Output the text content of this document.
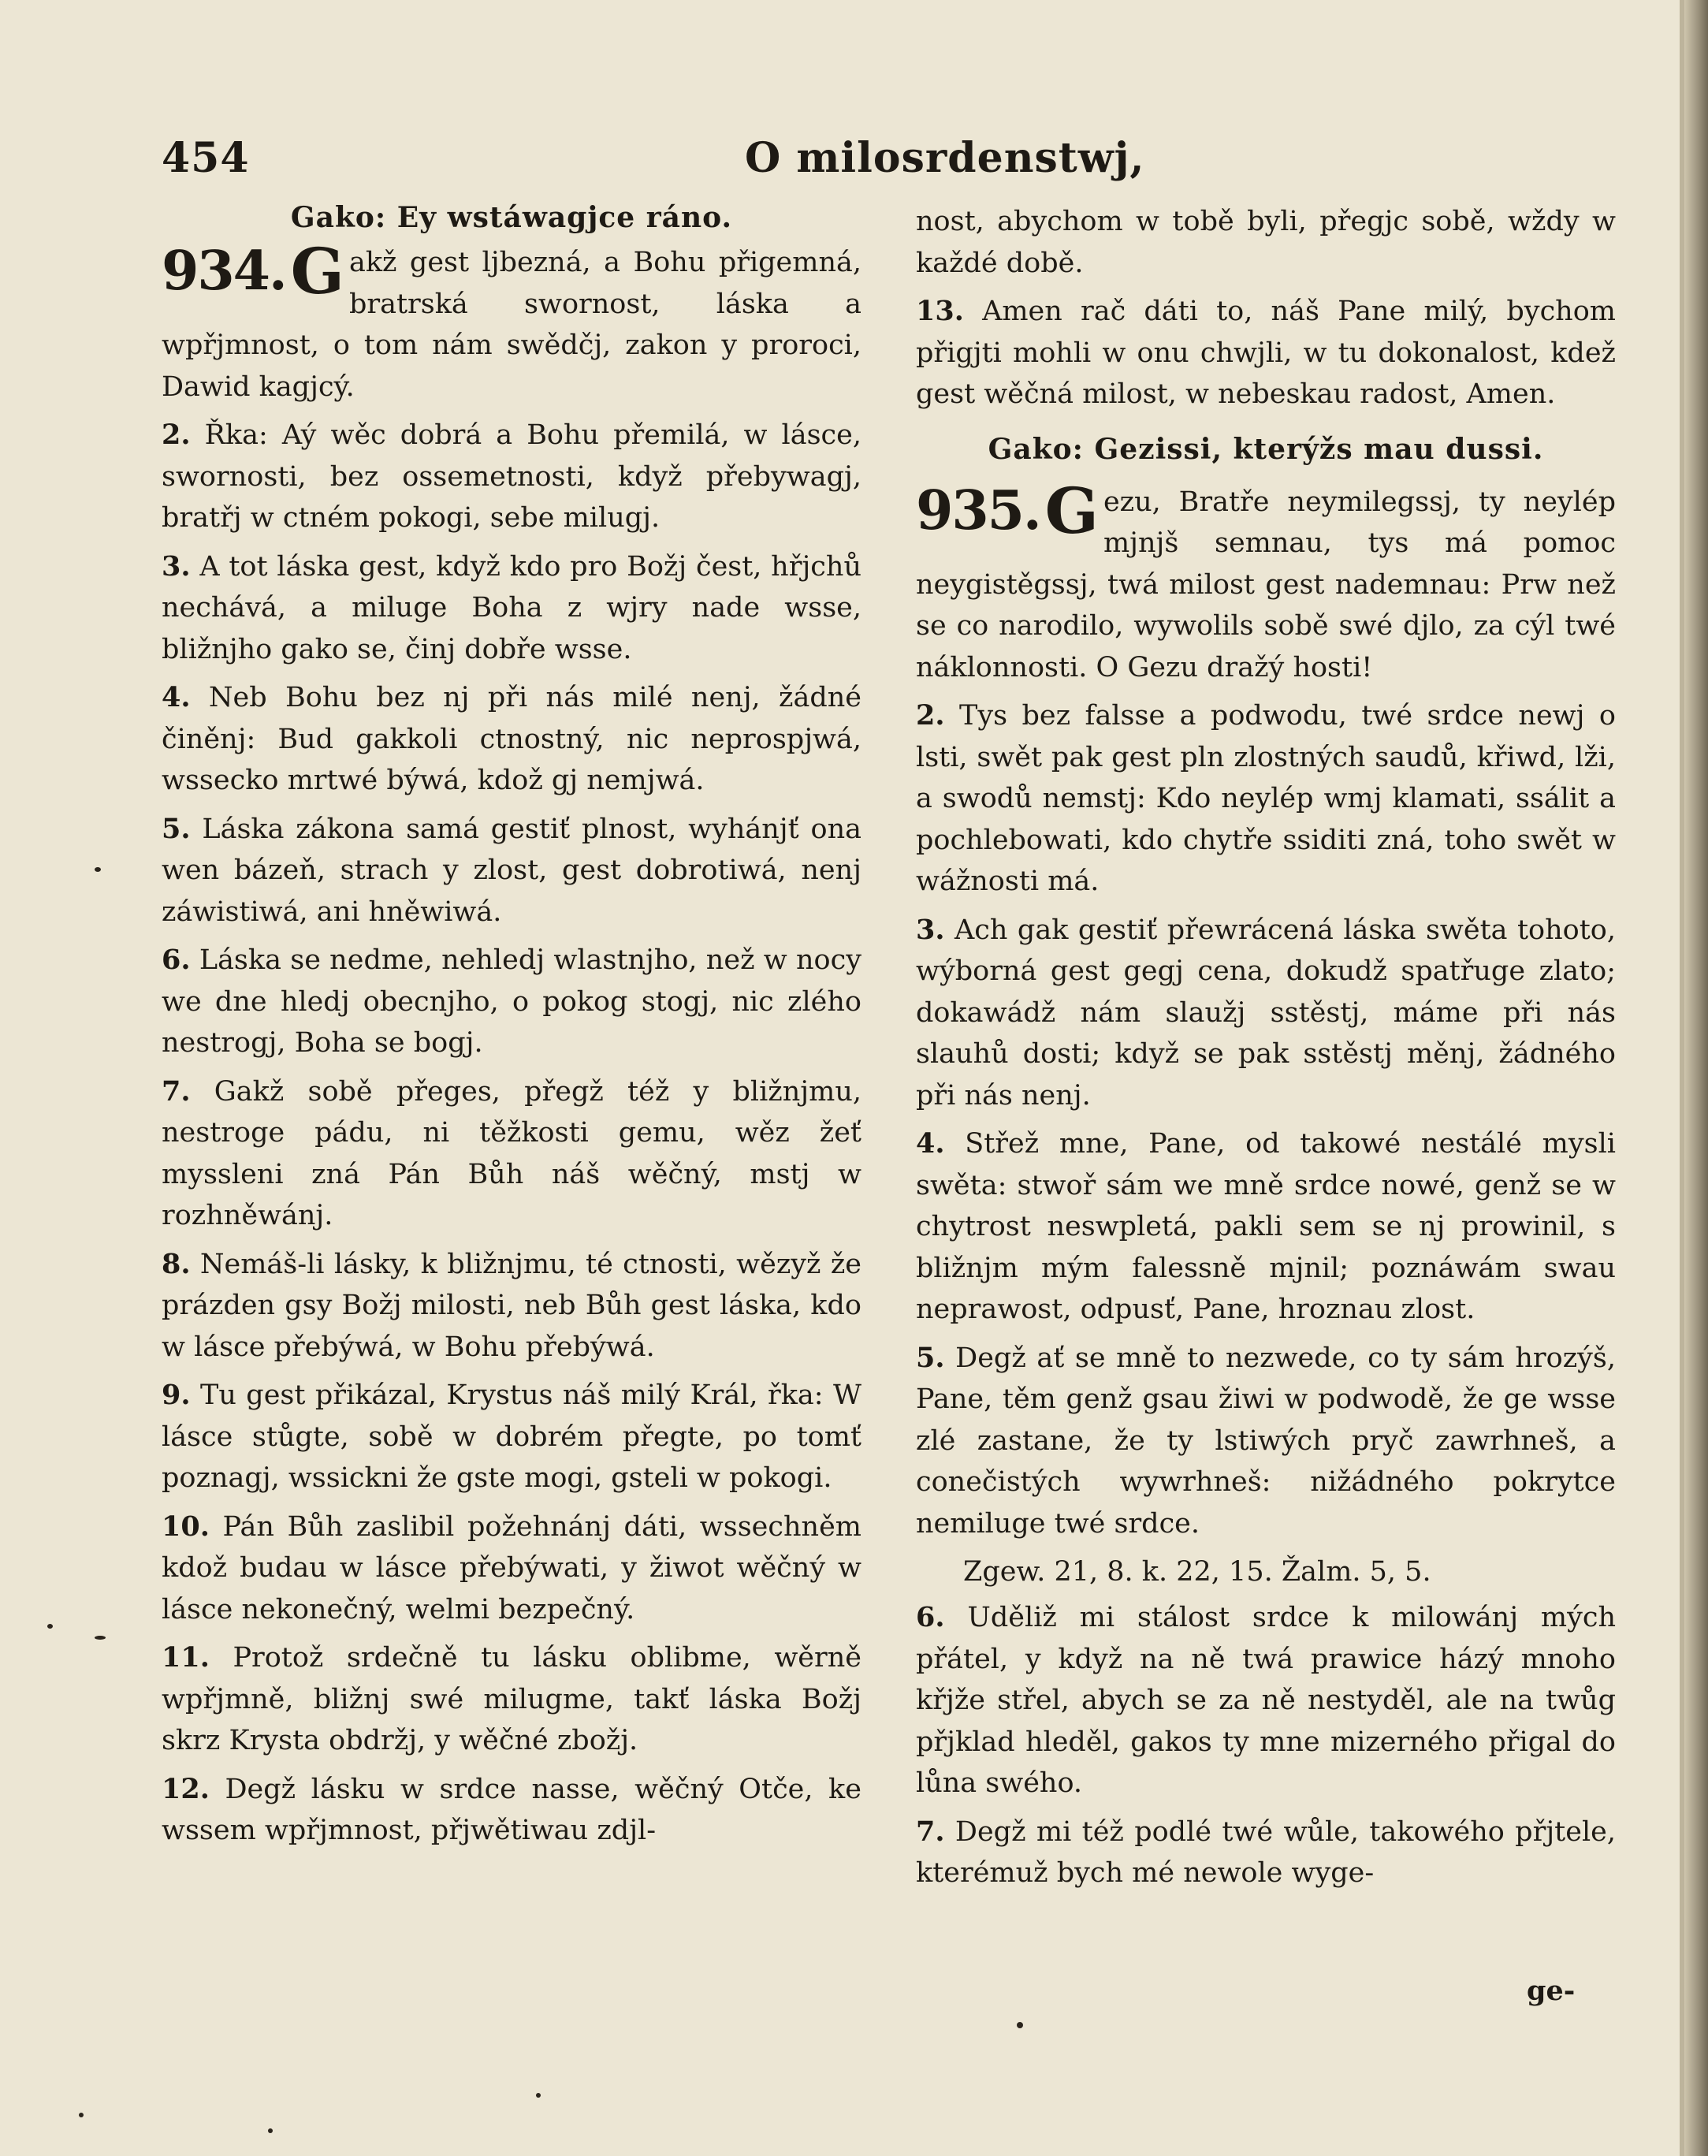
454	O milosrdenstwj,
Gako: Ey wstáwagjce ráno.
934. G akž gest ljbezná, a Bohu přigemná, bratrská swornost, láska a wpřjmnost, o tom nám swědčj, zakon y proroci, Dawid kagjcý.

2. Řka: Aý wěc dobrá a Bohu přemilá, w lásce, swornosti, bez ossemetnosti, když přebywagj, bratřj w ctném pokogi, sebe milugj.

3. A tot láska gest, když kdo pro Božj čest, hřjchů nechává, a miluge Boha z wjry nade wsse, bližnjho gako se, činj dobře wsse.

4. Neb Bohu bez nj při nás milé nenj, žádné činěnj: Bud gakkoli ctnostný, nic neprospjwá, wssecko mrtwé býwá, kdož gj nemjwá.

5. Láska zákona samá gestiť plnost, wyhánjť ona wen bázeň, strach y zlost, gest dobrotiwá, nenj záwistiwá, ani hněwiwá.

6. Láska se nedme, nehledj wlastnjho, než w nocy we dne hledj obecnjho, o pokog stogj, nic zlého nestrogj, Boha se bogj.

7. Gakž sobě přeges, přegž též y bližnjmu, nestroge pádu, ni těžkosti gemu, wěz žeť myssleni zná Pán Bůh náš wěčný, mstj w rozhněwánj.

8. Nemáš-li lásky, k bližnjmu, té ctnosti, wězyž že prázden gsy Božj milosti, neb Bůh gest láska, kdo w lásce přebýwá, w Bohu přebýwá.

9. Tu gest přikázal, Krystus náš milý Král, řka: W lásce stůgte, sobě w dobrém přegte, po tomť poznagj, wssickni že gste mogi, gsteli w pokogi.

10. Pán Bůh zaslibil požehnánj dáti, wssechněm kdož budau w lásce přebýwati, y žiwot wěčný w lásce nekonečný, welmi bezpečný.

11. Protož srdečně tu lásku oblibme, wěrně wpřjmně, bližnj swé milugme, takť láska Božj skrz Krysta obdržj, y wěčné zbožj.

12. Degž lásku w srdce nasse, wěčný Otče, ke wssem wpřjmnost, přjwětiwau zdjl-

nost, abychom w tobě byli, přegjc sobě, wždy w každé době.

13. Amen rač dáti to, náš Pane milý, bychom přigjti mohli w onu chwjli, w tu dokonalost, kdež gest wěčná milost, w nebeskau radost, Amen.

Gako: Gezissi, kterýžs mau dussi.
935. G ezu, Bratře neymilegssj, ty neylép mjnjš semnau, tys má pomoc neygistěgssj, twá milost gest nademnau: Prw než se co narodilo, wywolils sobě swé djlo, za cýl twé náklonnosti. O Gezu dražý hosti!

2. Tys bez falsse a podwodu, twé srdce newj o lsti, swět pak gest pln zlostných saudů, křiwd, lži, a swodů nemstj: Kdo neylép wmj klamati, ssálit a pochlebowati, kdo chytře ssiditi zná, toho swět w wážnosti má.

3. Ach gak gestiť přewrácená láska swěta tohoto, wýborná gest gegj cena, dokudž spatřuge zlato; dokawádž nám slaužj sstěstj, máme při nás slauhů dosti; když se pak sstěstj měnj, žádného při nás nenj.

4. Střež mne, Pane, od takowé nestálé mysli swěta: stwoř sám we mně srdce nowé, genž se w chytrost neswpletá, pakli sem se nj prowinil, s bližnjm mým falessně mjnil; poznáwám swau neprawost, odpusť, Pane, hroznau zlost.

5. Degž ať se mně to nezwede, co ty sám hrozýš, Pane, těm genž gsau žiwi w podwodě, že ge wsse zlé zastane, že ty lstiwých pryč zawrhneš, a conečistých wywrhneš: nižádného pokrytce nemiluge twé srdce.

Zgew. 21, 8. k. 22, 15. Žalm. 5, 5.

6. Uděliž mi stálost srdce k milowánj mých přátel, y když na ně twá prawice házý mnoho křjže střel, abych se za ně nestyděl, ale na twůg přjklad hleděl, gakos ty mne mizerného přigal do lůna swého.

7. Degž mi též podlé twé wůle, takowého přjtele, kterémuž bych mé newole wyge-

ge-
